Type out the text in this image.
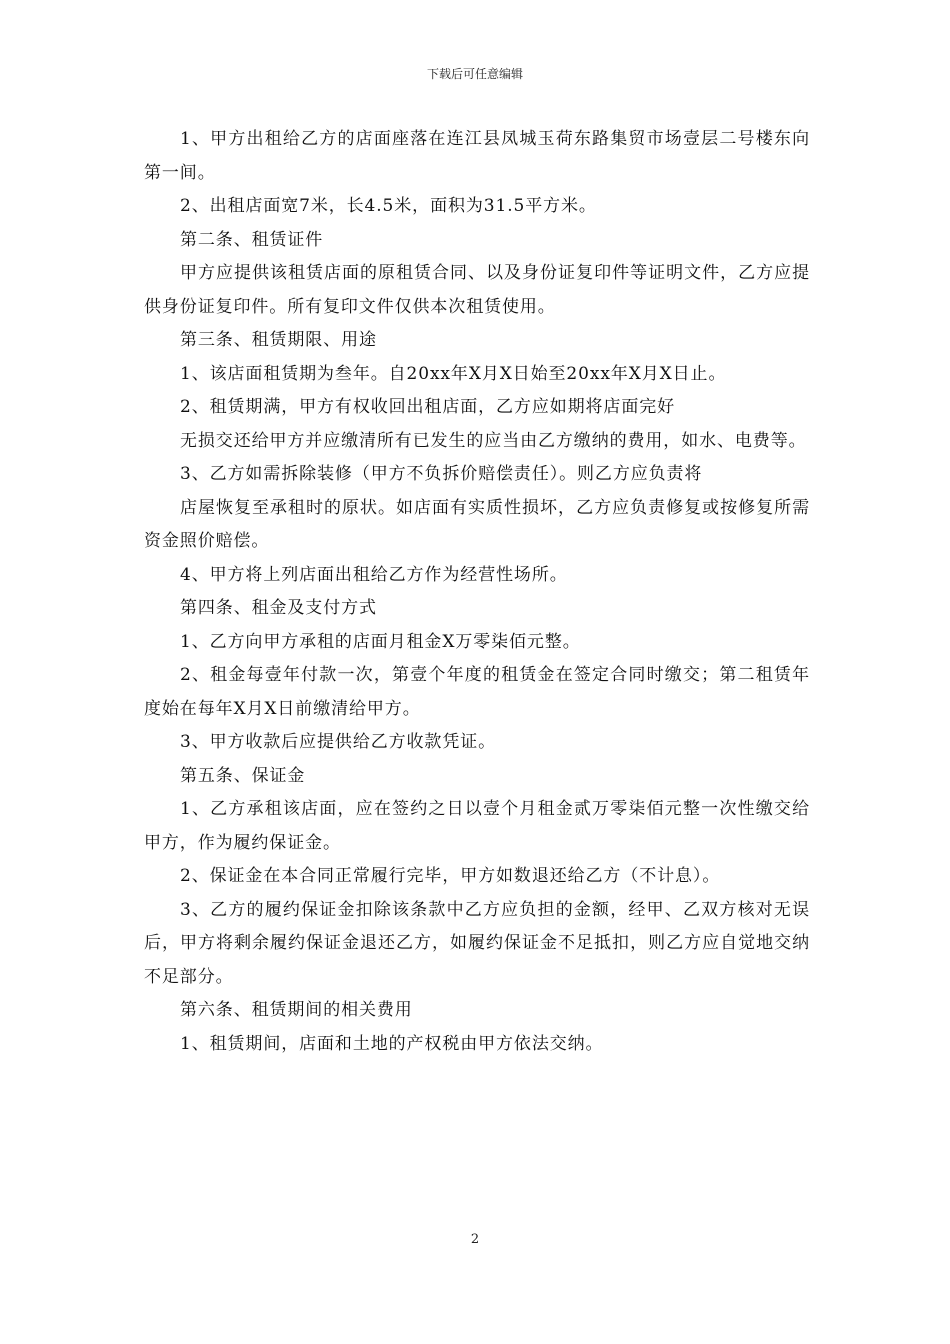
下载后可任意编辑

1、甲方出租给乙方的店面座落在连江县凤城玉荷东路集贸市场壹层二号楼东向第一间。

2、出租店面宽7米，长4.5米，面积为31.5平方米。

第二条、租赁证件

甲方应提供该租赁店面的原租赁合同、以及身份证复印件等证明文件，乙方应提供身份证复印件。所有复印文件仅供本次租赁使用。

第三条、租赁期限、用途

1、该店面租赁期为叁年。自20xx年X月X日始至20xx年X月X日止。

2、租赁期满，甲方有权收回出租店面，乙方应如期将店面完好

无损交还给甲方并应缴清所有已发生的应当由乙方缴纳的费用，如水、电费等。

3、乙方如需拆除装修（甲方不负拆价赔偿责任）。则乙方应负责将

店屋恢复至承租时的原状。如店面有实质性损坏，乙方应负责修复或按修复所需资金照价赔偿。

4、甲方将上列店面出租给乙方作为经营性场所。

第四条、租金及支付方式

1、乙方向甲方承租的店面月租金X万零柒佰元整。

2、租金每壹年付款一次，第壹个年度的租赁金在签定合同时缴交；第二租赁年度始在每年X月X日前缴清给甲方。

3、甲方收款后应提供给乙方收款凭证。

第五条、保证金

1、乙方承租该店面，应在签约之日以壹个月租金贰万零柒佰元整一次性缴交给甲方，作为履约保证金。

2、保证金在本合同正常履行完毕，甲方如数退还给乙方（不计息）。

3、乙方的履约保证金扣除该条款中乙方应负担的金额，经甲、乙双方核对无误后，甲方将剩余履约保证金退还乙方，如履约保证金不足抵扣，则乙方应自觉地交纳不足部分。

第六条、租赁期间的相关费用

1、租赁期间，店面和土地的产权税由甲方依法交纳。

2
